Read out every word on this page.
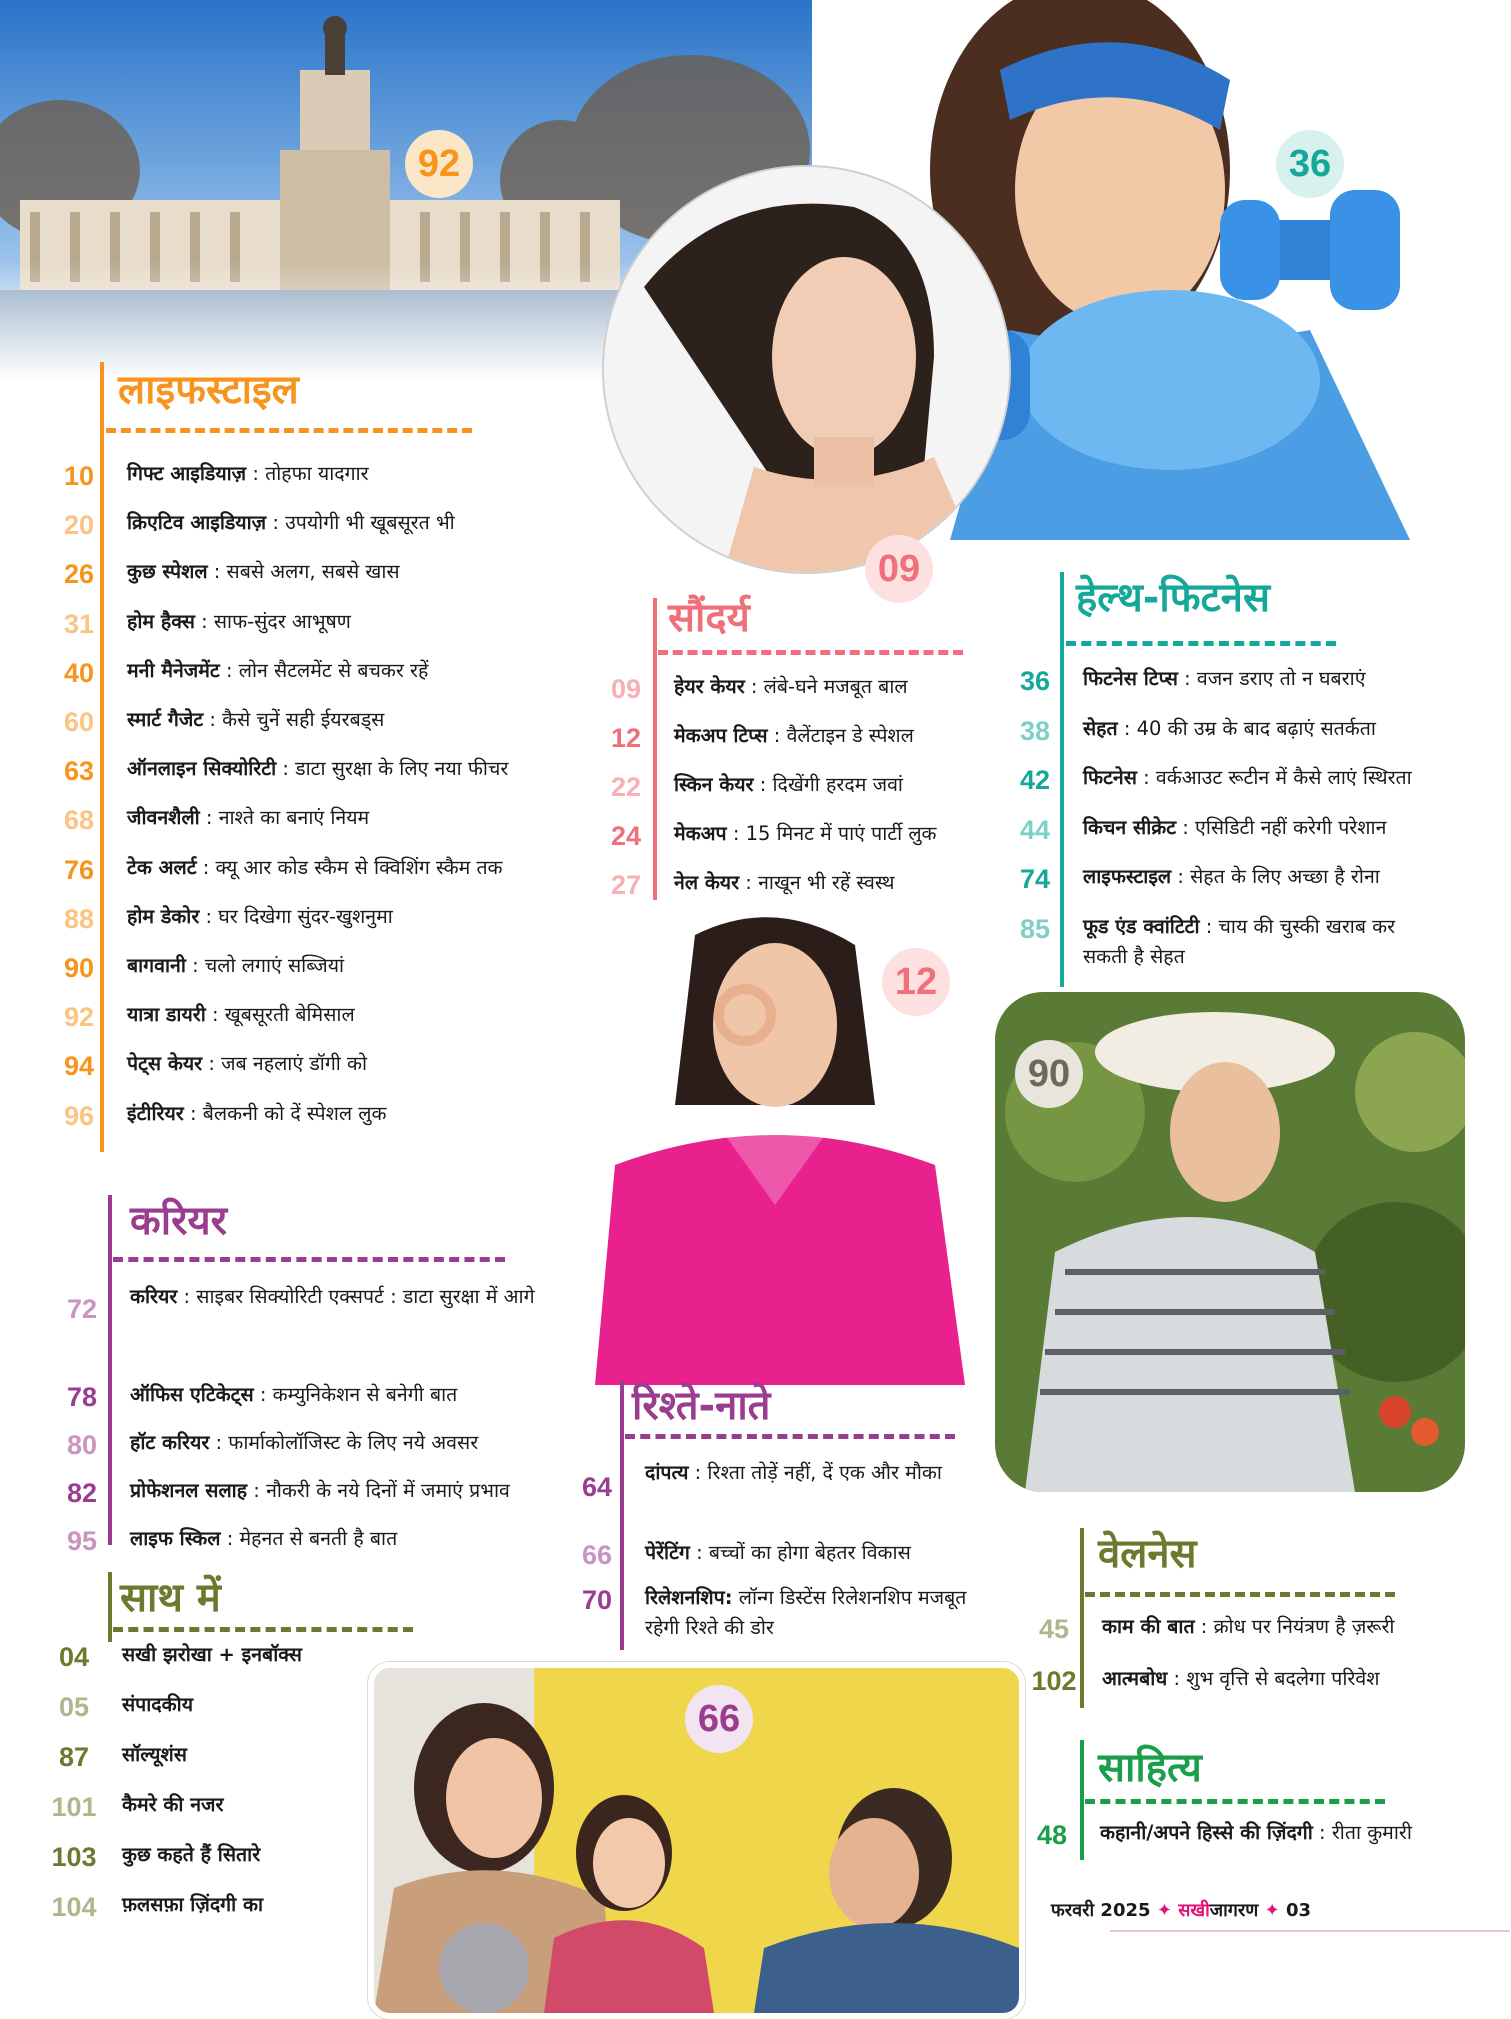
92	36
09
12
90
66
लाइफस्टाइल
10	गिफ्ट आइडियाज़ : तोहफा यादगार
20	क्रिएटिव आइडियाज़ : उपयोगी भी खूबसूरत भी
26	कुछ स्पेशल : सबसे अलग, सबसे खास
31	होम हैक्स : साफ-सुंदर आभूषण
40	मनी मैनेजमेंट : लोन सैटलमेंट से बचकर रहें
60	स्मार्ट गैजेट : कैसे चुनें सही ईयरबड्स
63	ऑनलाइन सिक्योरिटी : डाटा सुरक्षा के लिए नया फीचर
68	जीवनशैली : नाश्ते का बनाएं नियम
76	टेक अलर्ट : क्यू आर कोड स्कैम से क्विशिंग स्कैम तक
88	होम डेकोर : घर दिखेगा सुंदर-खुशनुमा
90	बागवानी : चलो लगाएं सब्जियां
92	यात्रा डायरी : खूबसूरती बेमिसाल
94	पेट्स केयर : जब नहलाएं डॉगी को
96	इंटीरियर : बैलकनी को दें स्पेशल लुक
करियर
72	करियर : साइबर सिक्योरिटी एक्सपर्ट : डाटा सुरक्षा में आगे
78	ऑफिस एटिकेट्स : कम्युनिकेशन से बनेगी बात
80	हॉट करियर : फार्माकोलॉजिस्ट के लिए नये अवसर
82	प्रोफेशनल सलाह : नौकरी के नये दिनों में जमाएं प्रभाव
95	लाइफ स्किल : मेहनत से बनती है बात
साथ में
04	सखी झरोखा + इनबॉक्स
05	संपादकीय
87	सॉल्यूशंस
101	कैमरे की नजर
103	कुछ कहते हैं सितारे
104	फ़लसफ़ा ज़िंदगी का
सौंदर्य
09	हेयर केयर : लंबे-घने मजबूत बाल
12	मेकअप टिप्स : वैलेंटाइन डे स्पेशल
22	स्किन केयर : दिखेंगी हरदम जवां
24	मेकअप : 15 मिनट में पाएं पार्टी लुक
27	नेल केयर : नाखून भी रहें स्वस्थ
रिश्ते-नाते
64	दांपत्य : रिश्ता तोड़ें नहीं, दें एक और मौका
66	पेरेंटिंग : बच्चों का होगा बेहतर विकास
70	रिलेशनशिप: लॉन्ग डिस्टेंस रिलेशनशिप मजबूत रहेगी रिश्ते की डोर
हेल्थ-फिटनेस
36	फिटनेस टिप्स : वजन डराए तो न घबराएं
38	सेहत : 40 की उम्र के बाद बढ़ाएं सतर्कता
42	फिटनेस : वर्कआउट रूटीन में कैसे लाएं स्थिरता
44	किचन सीक्रेट : एसिडिटी नहीं करेगी परेशान
74	लाइफस्टाइल : सेहत के लिए अच्छा है रोना
85	फूड एंड क्वांटिटी : चाय की चुस्की खराब कर सकती है सेहत
वेलनेस
45	काम की बात : क्रोध पर नियंत्रण है ज़रूरी
102	आत्मबोध : शुभ वृत्ति से बदलेगा परिवेश
साहित्य
48	कहानी/अपने हिस्से की ज़िंदगी : रीता कुमारी
फरवरी 2025 ✦ सखीजागरण ✦ 03
